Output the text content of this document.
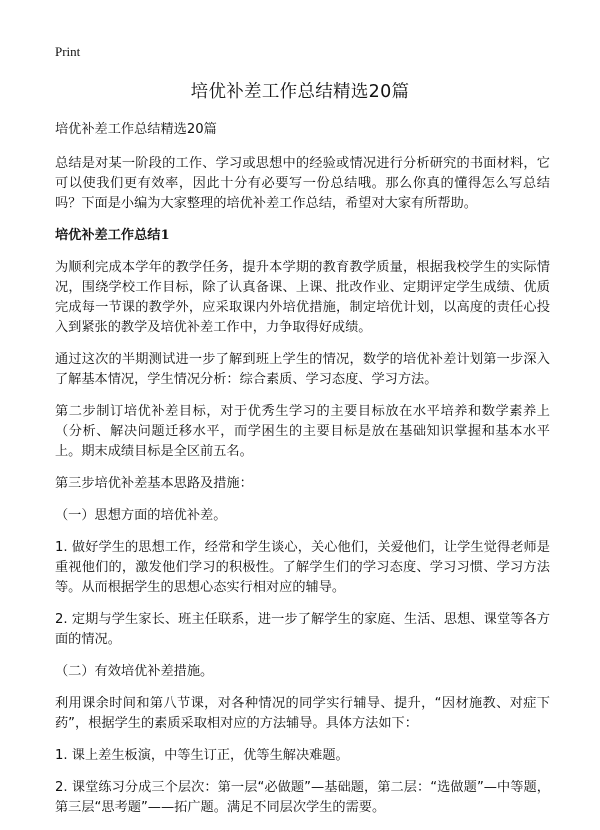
Print
培优补差工作总结精选20篇

培优补差工作总结精选20篇

总结是对某一阶段的工作、学习或思想中的经验或情况进行分析研究的书面材料，它可以使我们更有效率，因此十分有必要写一份总结哦。那么你真的懂得怎么写总结吗？下面是小编为大家整理的培优补差工作总结，希望对大家有所帮助。

培优补差工作总结1

为顺利完成本学年的教学任务，提升本学期的教育教学质量，根据我校学生的实际情况，围绕学校工作目标，除了认真备课、上课、批改作业、定期评定学生成绩、优质完成每一节课的教学外，应采取课内外培优措施，制定培优计划，以高度的责任心投入到紧张的教学及培优补差工作中，力争取得好成绩。

通过这次的半期测试进一步了解到班上学生的情况，数学的培优补差计划第一步深入了解基本情况，学生情况分析：综合素质、学习态度、学习方法。

第二步制订培优补差目标，对于优秀生学习的主要目标放在水平培养和数学素养上（分析、解决问题迁移水平，而学困生的主要目标是放在基础知识掌握和基本水平上。期末成绩目标是全区前五名。

第三步培优补差基本思路及措施：

（一）思想方面的培优补差。

1. 做好学生的思想工作，经常和学生谈心，关心他们，关爱他们，让学生觉得老师是重视他们的，激发他们学习的积极性。了解学生们的学习态度、学习习惯、学习方法等。从而根据学生的思想心态实行相对应的辅导。

2. 定期与学生家长、班主任联系，进一步了解学生的家庭、生活、思想、课堂等各方面的情况。

（二）有效培优补差措施。

利用课余时间和第八节课，对各种情况的同学实行辅导、提升，“因材施教、对症下药”，根据学生的素质采取相对应的方法辅导。具体方法如下：

1. 课上差生板演，中等生订正，优等生解决难题。

2. 课堂练习分成三个层次：第一层“必做题”—基础题，第二层：“选做题”—中等题，第三层“思考题”——拓广题。满足不同层次学生的需要。
